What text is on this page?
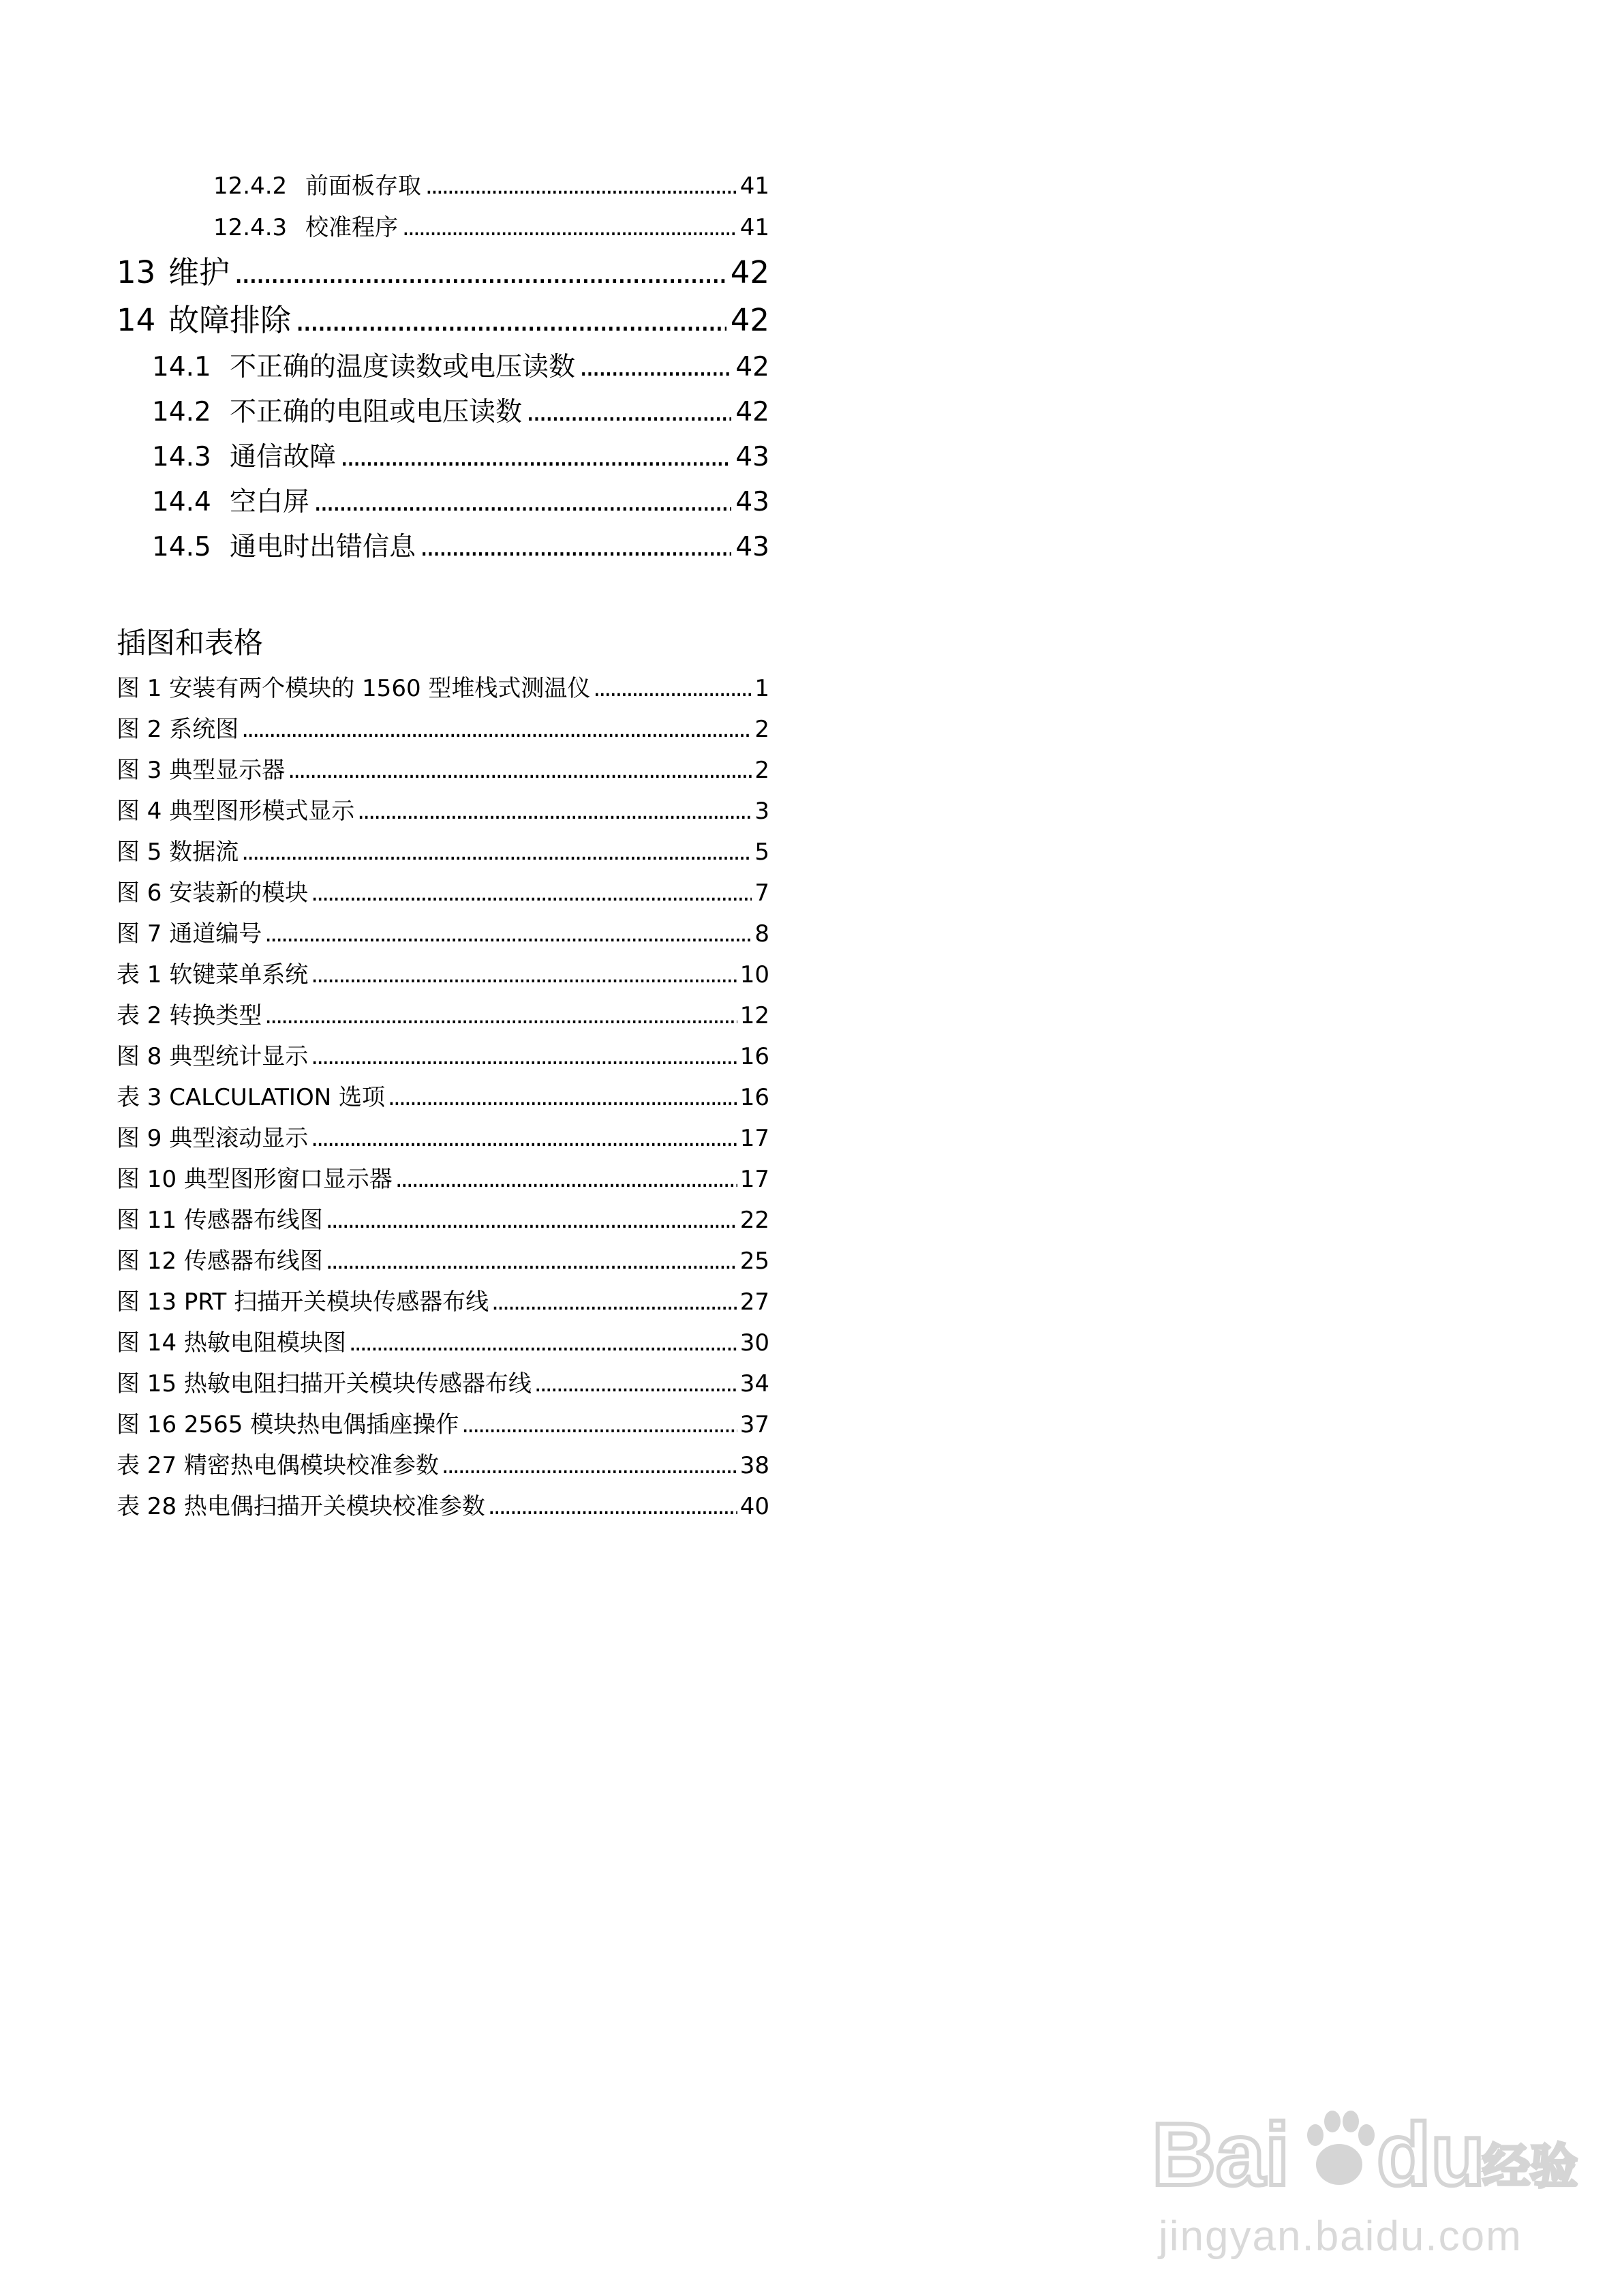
12.4.2 前面板存取 . . .	41
12.4.3 校准程序 . . .	41
13 维护 . . .	42
14 故障排除 . . .	42
14.1 不正确的温度读数或电压读数 . . .	42
14.2 不正确的电阻或电压读数 . . .	42
14.3 通信故障 . . .	43
14.4 空白屏 . . .	43
14.5 通电时出错信息 . . .	43
插图和表格
图 1 安装有两个模块的 1560 型堆栈式测温仪 . . .	1
图 2 系统图 . . .	2
图 3 典型显示器 . . .	2
图 4 典型图形模式显示 . . .	3
图 5 数据流 . . .	5
图 6 安装新的模块 . . .	7
图 7 通道编号 . . .	8
表 1 软键菜单系统 . . .	10
表 2 转换类型 . . .	12
图 8 典型统计显示 . . .	16
表 3 CALCULATION 选项 . . .	16
图 9 典型滚动显示 . . .	17
图 10 典型图形窗口显示器 . . .	17
图 11 传感器布线图 . . .	22
图 12 传感器布线图 . . .	25
图 13 PRT 扫描开关模块传感器布线 . . .	27
图 14 热敏电阻模块图 . . .	30
图 15 热敏电阻扫描开关模块传感器布线 . . .	34
图 16 2565 模块热电偶插座操作 . . .	37
表 27 精密热电偶模块校准参数 . . .	38
表 28 热电偶扫描开关模块校准参数 . . .	40
Bai du
经验
jingyan.baidu.com
